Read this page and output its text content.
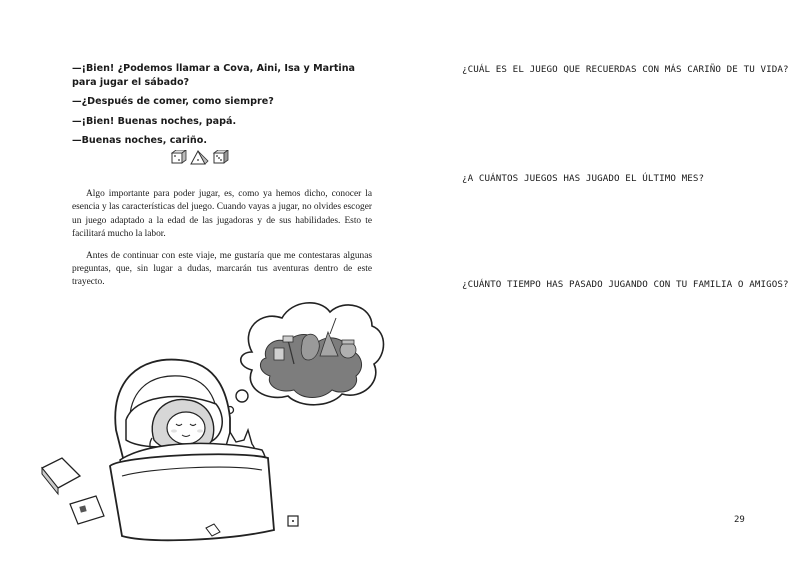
—¡Bien! ¿Podemos llamar a Cova, Aini, Isa y Martina para jugar el sábado?

—¿Después de comer, como siempre?

—¡Bien! Buenas noches, papá.

—Buenas noches, cariño.

Algo importante para poder jugar, es, como ya hemos dicho, conocer la esencia y las características del juego. Cuando vayas a jugar, no olvides escoger un juego adaptado a la edad de las jugadoras y de sus habilidades. Esto te facilitará mucho la labor.

Antes de continuar con este viaje, me gustaría que me contestaras algunas preguntas, que, sin lugar a dudas, marcarán tus aventuras dentro de este trayecto.

¿CUÁL ES EL JUEGO QUE RECUERDAS CON MÁS CARIÑO DE TU VIDA?
¿A CUÁNTOS JUEGOS HAS JUGADO EL ÚLTIMO MES?
¿CUÁNTO TIEMPO HAS PASADO JUGANDO CON TU FAMILIA O AMIGOS?
29
